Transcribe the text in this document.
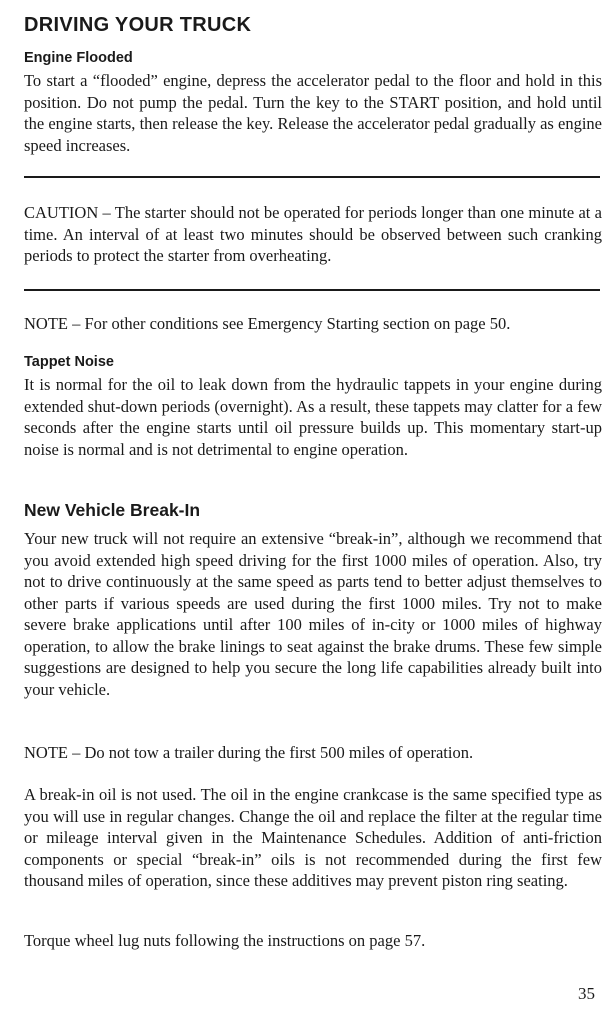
DRIVING YOUR TRUCK
Engine Flooded

To start a “flooded” engine, depress the accelerator pedal to the floor and hold in this position. Do not pump the pedal. Turn the key to the START position, and hold until the engine starts, then release the key. Release the accelerator pedal gradually as engine speed increases.

CAUTION – The starter should not be operated for periods longer than one minute at a time. An interval of at least two minutes should be observed between such cranking periods to protect the starter from overheating.

NOTE – For other conditions see Emergency Starting section on page 50.

Tappet Noise

It is normal for the oil to leak down from the hydraulic tappets in your engine during extended shut-down periods (overnight). As a result, these tappets may clatter for a few seconds after the engine starts until oil pressure builds up. This momentary start-up noise is normal and is not detrimental to engine operation.

New Vehicle Break-In

Your new truck will not require an extensive “break-in”, although we recommend that you avoid extended high speed driving for the first 1000 miles of operation. Also, try not to drive continuously at the same speed as parts tend to better adjust themselves to other parts if various speeds are used during the first 1000 miles. Try not to make severe brake applications until after 100 miles of in-city or 1000 miles of highway operation, to allow the brake linings to seat against the brake drums. These few simple suggestions are designed to help you secure the long life capabilities already built into your vehicle.

NOTE – Do not tow a trailer during the first 500 miles of operation.

A break-in oil is not used. The oil in the engine crankcase is the same specified type as you will use in regular changes. Change the oil and replace the filter at the regular time or mileage interval given in the Maintenance Schedules. Addition of anti-friction components or special “break-in” oils is not recommended during the first few thousand miles of operation, since these additives may prevent piston ring seating.

Torque wheel lug nuts following the instructions on page 57.

35
